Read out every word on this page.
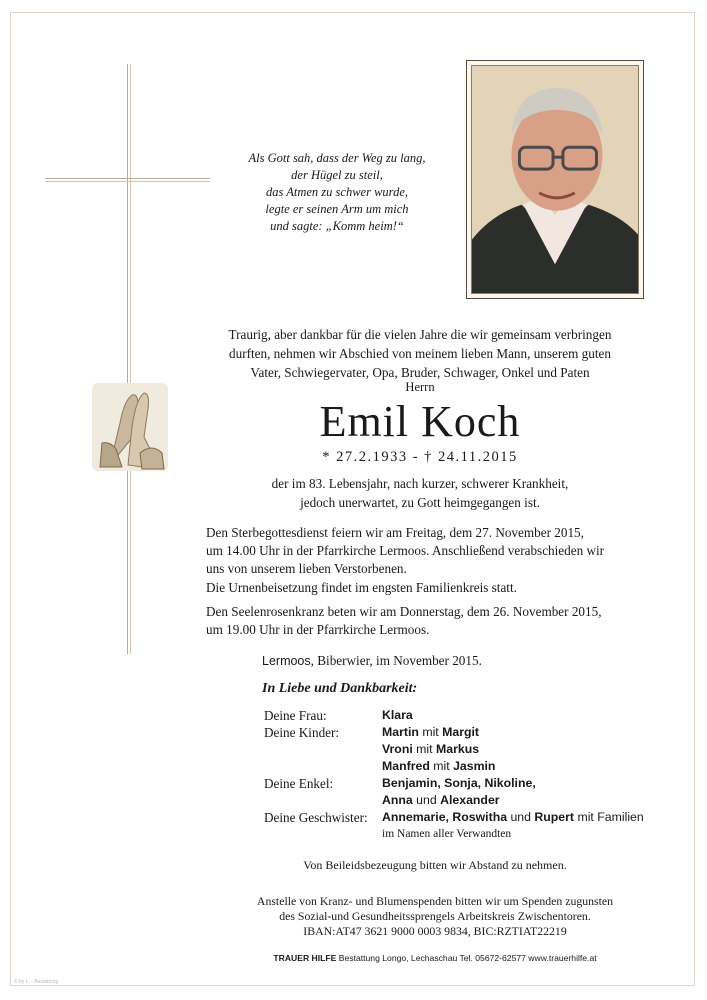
Als Gott sah, dass der Weg zu lang,
der Hügel zu steil,
das Atmen zu schwer wurde,
legte er seinen Arm um mich
und sagte: „Komm heim!“
Traurig, aber dankbar für die vielen Jahre die wir gemeinsam verbringen
durften, nehmen wir Abschied von meinem lieben Mann, unserem guten
Vater, Schwiegervater, Opa, Bruder, Schwager, Onkel und Paten
Herrn
Emil Koch
* 27.2.1933 - † 24.11.2015
der im 83. Lebensjahr, nach kurzer, schwerer Krankheit,
jedoch unerwartet, zu Gott heimgegangen ist.
Den Sterbegottesdienst feiern wir am Freitag, dem 27. November 2015,
um 14.00 Uhr in der Pfarrkirche Lermoos. Anschließend verabschieden wir
uns von unserem lieben Verstorbenen.
Die Urnenbeisetzung findet im engsten Familienkreis statt.
Den Seelenrosenkranz beten wir am Donnerstag, dem 26. November 2015,
um 19.00 Uhr in der Pfarrkirche Lermoos.
Lermoos, Biberwier, im November 2015.
In Liebe und Dankbarkeit:
Deine Frau:	Klara
Deine Kinder:	Martin mit Margit
Vroni mit Markus
Manfred mit Jasmin
Deine Enkel:	Benjamin, Sonja, Nikoline,
Anna und Alexander
Deine Geschwister: Annemarie, Roswitha und Rupert mit Familien
im Namen aller Verwandten
Von Beileidsbezeugung bitten wir Abstand zu nehmen.
Anstelle von Kranz- und Blumenspenden bitten wir um Spenden zugunsten
des Sozial-und Gesundheitssprengels Arbeitskreis Zwischentoren.
IBAN:AT47 3621 9000 0003 9834, BIC:RZTIAT22219
TRAUER HILFE Bestattung Longo, Lechaschau Tel. 05672-62577 www.trauerhilfe.at
© by L. - Bestattung
